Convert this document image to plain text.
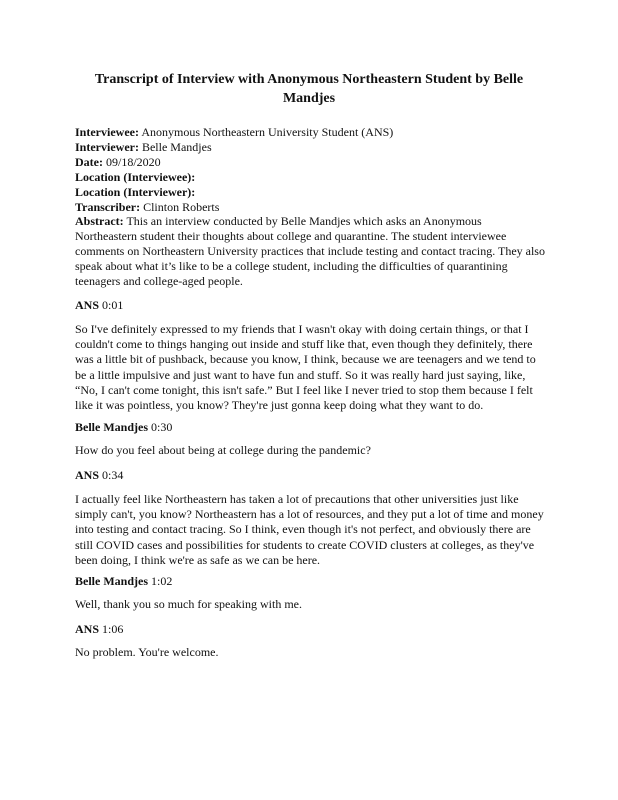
Transcript of Interview with Anonymous Northeastern Student by Belle Mandjes
Interviewee: Anonymous Northeastern University Student (ANS)
Interviewer: Belle Mandjes
Date: 09/18/2020
Location (Interviewee):
Location (Interviewer):
Transcriber: Clinton Roberts
Abstract: This an interview conducted by Belle Mandjes which asks an Anonymous Northeastern student their thoughts about college and quarantine. The student interviewee comments on Northeastern University practices that include testing and contact tracing. They also speak about what it’s like to be a college student, including the difficulties of quarantining teenagers and college-aged people.
ANS 0:01
So I've definitely expressed to my friends that I wasn't okay with doing certain things, or that I couldn't come to things hanging out inside and stuff like that, even though they definitely, there was a little bit of pushback, because you know, I think, because we are teenagers and we tend to be a little impulsive and just want to have fun and stuff. So it was really hard just saying, like, “No, I can't come tonight, this isn't safe.” But I feel like I never tried to stop them because I felt like it was pointless, you know? They're just gonna keep doing what they want to do.
Belle Mandjes 0:30
How do you feel about being at college during the pandemic?
ANS 0:34
I actually feel like Northeastern has taken a lot of precautions that other universities just like simply can't, you know? Northeastern has a lot of resources, and they put a lot of time and money into testing and contact tracing. So I think, even though it's not perfect, and obviously there are still COVID cases and possibilities for students to create COVID clusters at colleges, as they've been doing, I think we're as safe as we can be here.
Belle Mandjes 1:02
Well, thank you so much for speaking with me.
ANS 1:06
No problem. You're welcome.
